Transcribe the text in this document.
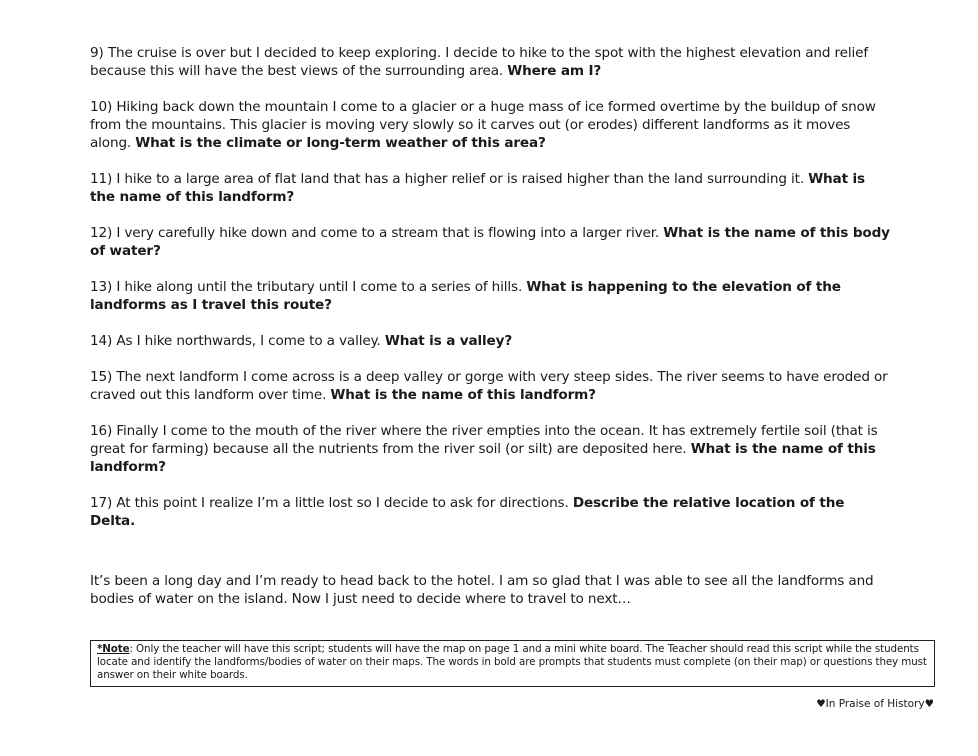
9) The cruise is over but I decided to keep exploring. I decide to hike to the spot with the highest elevation and relief because this will have the best views of the surrounding area. Where am I?

10) Hiking back down the mountain I come to a glacier or a huge mass of ice formed overtime by the buildup of snow from the mountains. This glacier is moving very slowly so it carves out (or erodes) different landforms as it moves along. What is the climate or long-term weather of this area?

11) I hike to a large area of flat land that has a higher relief or is raised higher than the land surrounding it. What is the name of this landform?

12) I very carefully hike down and come to a stream that is flowing into a larger river. What is the name of this body of water?

13) I hike along until the tributary until I come to a series of hills. What is happening to the elevation of the landforms as I travel this route?

14) As I hike northwards, I come to a valley. What is a valley?

15) The next landform I come across is a deep valley or gorge with very steep sides. The river seems to have eroded or craved out this landform over time. What is the name of this landform?

16) Finally I come to the mouth of the river where the river empties into the ocean. It has extremely fertile soil (that is great for farming) because all the nutrients from the river soil (or silt) are deposited here. What is the name of this landform?

17) At this point I realize I’m a little lost so I decide to ask for directions. Describe the relative location of the Delta.

It’s been a long day and I’m ready to head back to the hotel. I am so glad that I was able to see all the landforms and bodies of water on the island. Now I just need to decide where to travel to next…

*Note: Only the teacher will have this script; students will have the map on page 1 and a mini white board. The Teacher should read this script while the students locate and identify the landforms/bodies of water on their maps. The words in bold are prompts that students must complete (on their map) or questions they must answer on their white boards.
♥In Praise of History♥
